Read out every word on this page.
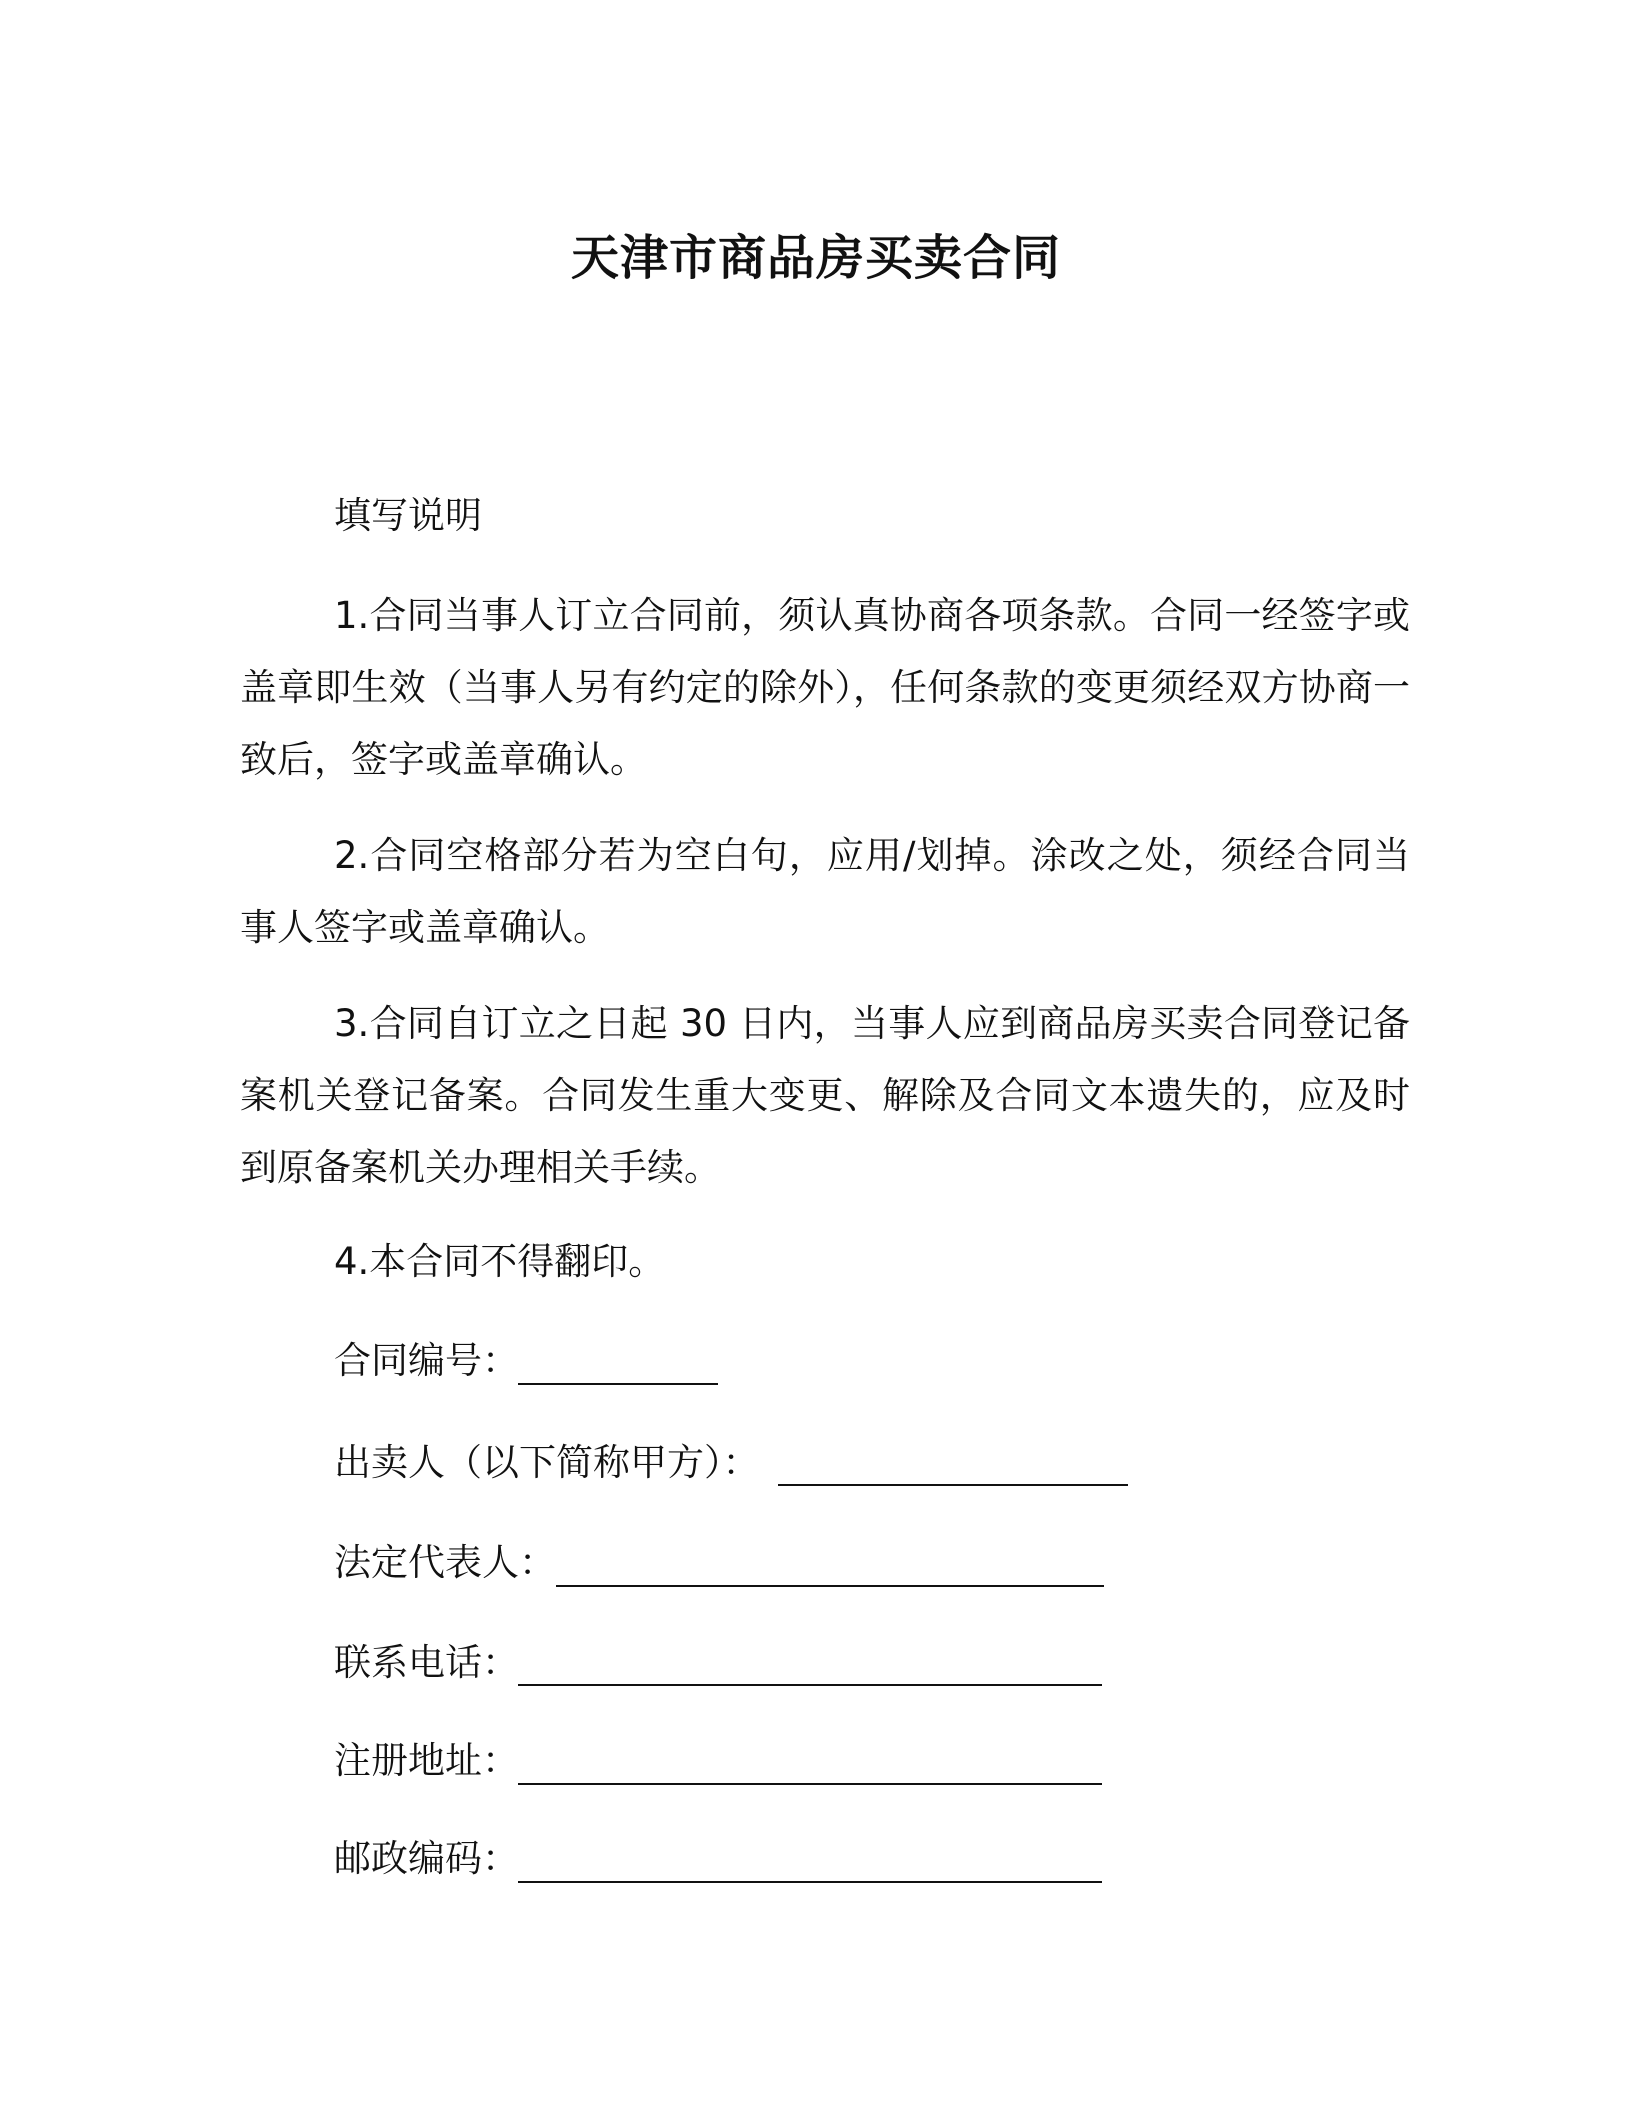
天津市商品房买卖合同

填写说明

1.合同当事人订立合同前，须认真协商各项条款。合同一经签字或盖章即生效（当事人另有约定的除外），任何条款的变更须经双方协商一致后，签字或盖章确认。

2.合同空格部分若为空白句，应用/划掉。涂改之处，须经合同当事人签字或盖章确认。

3.合同自订立之日起 30 日内，当事人应到商品房买卖合同登记备案机关登记备案。合同发生重大变更、解除及合同文本遗失的，应及时到原备案机关办理相关手续。

4.本合同不得翻印。

合同编号：
出卖人（以下简称甲方）：
法定代表人：
联系电话：
注册地址：
邮政编码：
